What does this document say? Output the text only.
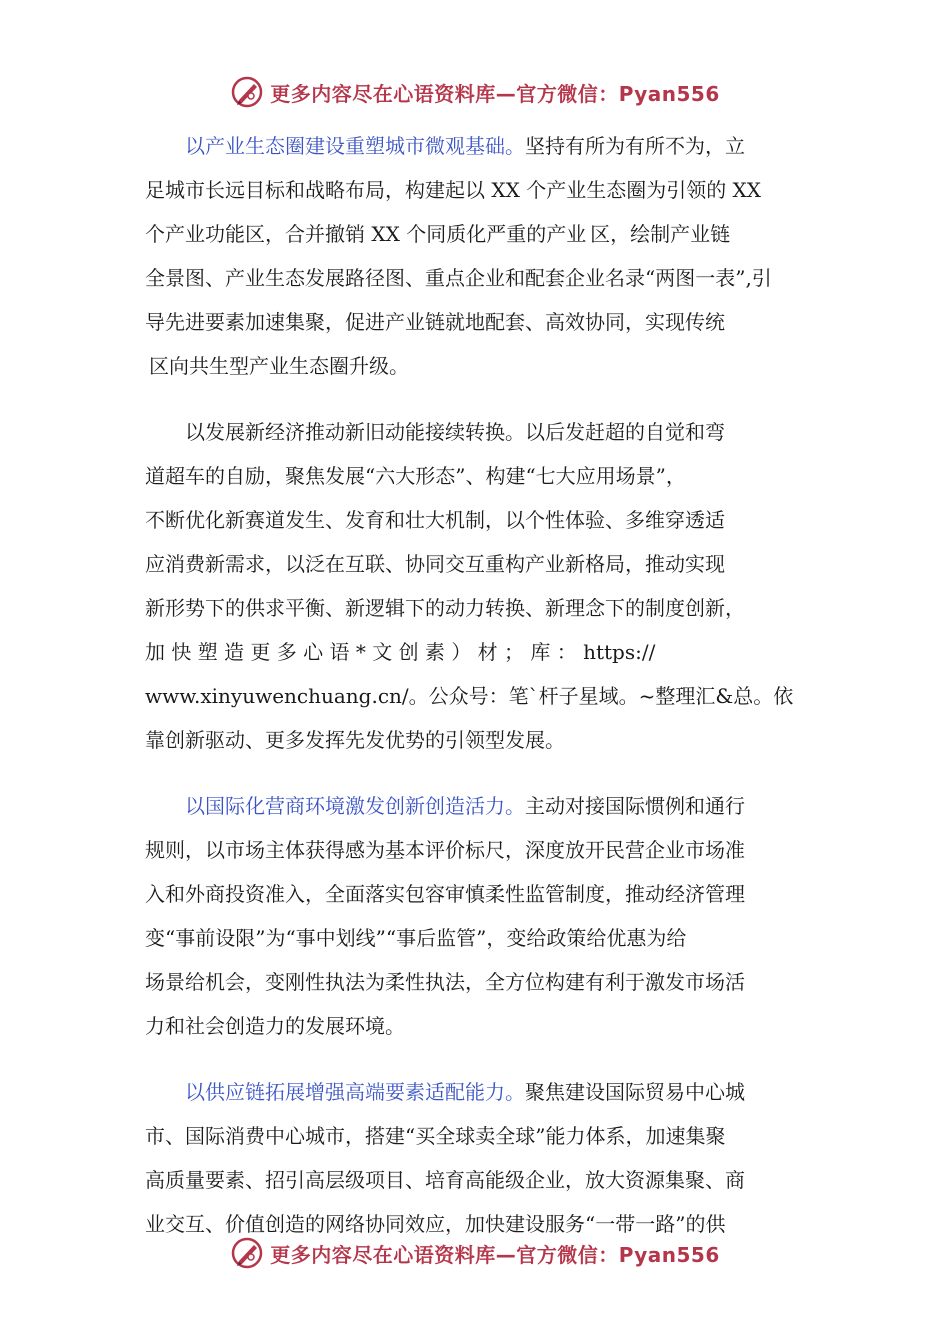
更多内容尽在心语资料库—官方微信：Pyan556

以产业生态圈建设重塑城市微观基础。坚持有所为有所不为，立
足城市长远目标和战略布局，构建起以 XX 个产业生态圈为引领的 XX
个产业功能区，合并撤销 XX 个同质化严重的产业 区，绘制产业链
全景图、产业生态发展路径图、重点企业和配套企业名录“两图一表”,引
导先进要素加速集聚，促进产业链就地配套、高效协同，实现传统
 区向共生型产业生态圈升级。

以发展新经济推动新旧动能接续转换。以后发赶超的自觉和弯
道超车的自励，聚焦发展“六大形态”、构建“七大应用场景”，
不断优化新赛道发生、发育和壮大机制，以个性体验、多维穿透适
应消费新需求，以泛在互联、协同交互重构产业新格局，推动实现
新形势下的供求平衡、新逻辑下的动力转换、新理念下的制度创新，
加 快 塑 造 更 多 心 语 * 文 创 素 ） 材 ； 库 ： https://
www.xinyuwenchuang.cn/。公众号：笔`杆子星域。~整理汇&总。依
靠创新驱动、更多发挥先发优势的引领型发展。

以国际化营商环境激发创新创造活力。主动对接国际惯例和通行
规则，以市场主体获得感为基本评价标尺，深度放开民营企业市场准
入和外商投资准入，全面落实包容审慎柔性监管制度，推动经济管理
变“事前设限”为“事中划线”“事后监管”，变给政策给优惠为给
场景给机会，变刚性执法为柔性执法，全方位构建有利于激发市场活
力和社会创造力的发展环境。

以供应链拓展增强高端要素适配能力。聚焦建设国际贸易中心城
市、国际消费中心城市，搭建“买全球卖全球”能力体系，加速集聚
高质量要素、招引高层级项目、培育高能级企业，放大资源集聚、商
业交互、价值创造的网络协同效应，加快建设服务“一带一路”的供

更多内容尽在心语资料库—官方微信：Pyan556
